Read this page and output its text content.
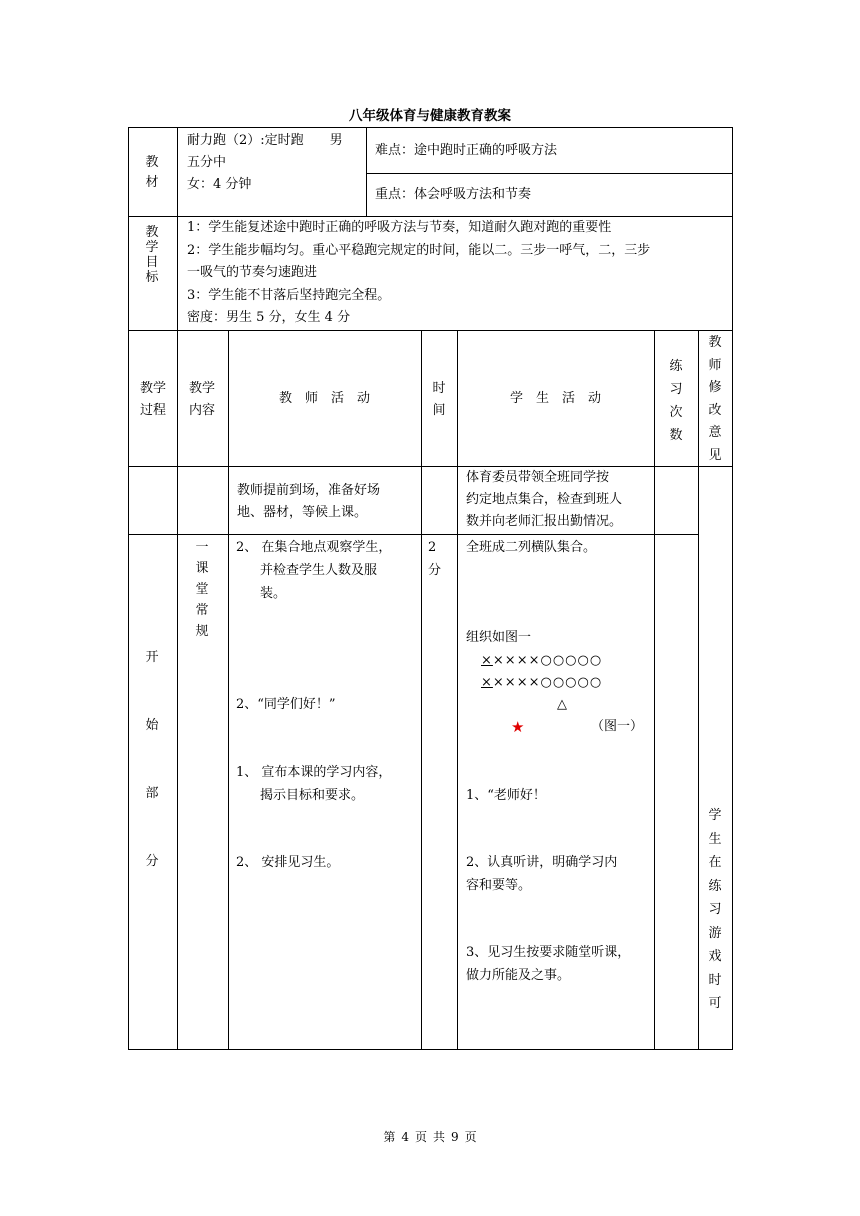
八年级体育与健康教育教案
教材
耐力跑（2）:定时跑　　男
五分中
女：4 分钟
难点：途中跑时正确的呼吸方法
重点：体会呼吸方法和节奏
教学目标
1：学生能复述途中跑时正确的呼吸方法与节奏，知道耐久跑对跑的重要性
2：学生能步幅均匀。重心平稳跑完规定的时间，能以二。三步一呼气，二，三步
一吸气的节奏匀速跑进
3：学生能不甘落后坚持跑完全程。
密度：男生 5 分，女生 4 分
教学过程
教学内容
教　师　活　动
时间
学　生　活　动
练习次数
教师修改意见
教师提前到场，准备好场
地、器材，等候上课。
体育委员带领全班同学按
约定地点集合，检查到班人
数并向老师汇报出勤情况。
开始部分
一课堂常规
2、 在集合地点观察学生，
并检查学生人数及服
装。
2、“同学们好！”
1、 宣布本课的学习内容，
揭示目标和要求。
2、 安排见习生。
2
分
全班成二列横队集合。
组织如图一
×××××○○○○○
×××××○○○○○
△
★	（图一）
1、“老师好！
2、认真听讲，明确学习内
容和要等。
3、见习生按要求随堂听课，
做力所能及之事。
学生在练习游戏时可
第 4 页 共 9 页
